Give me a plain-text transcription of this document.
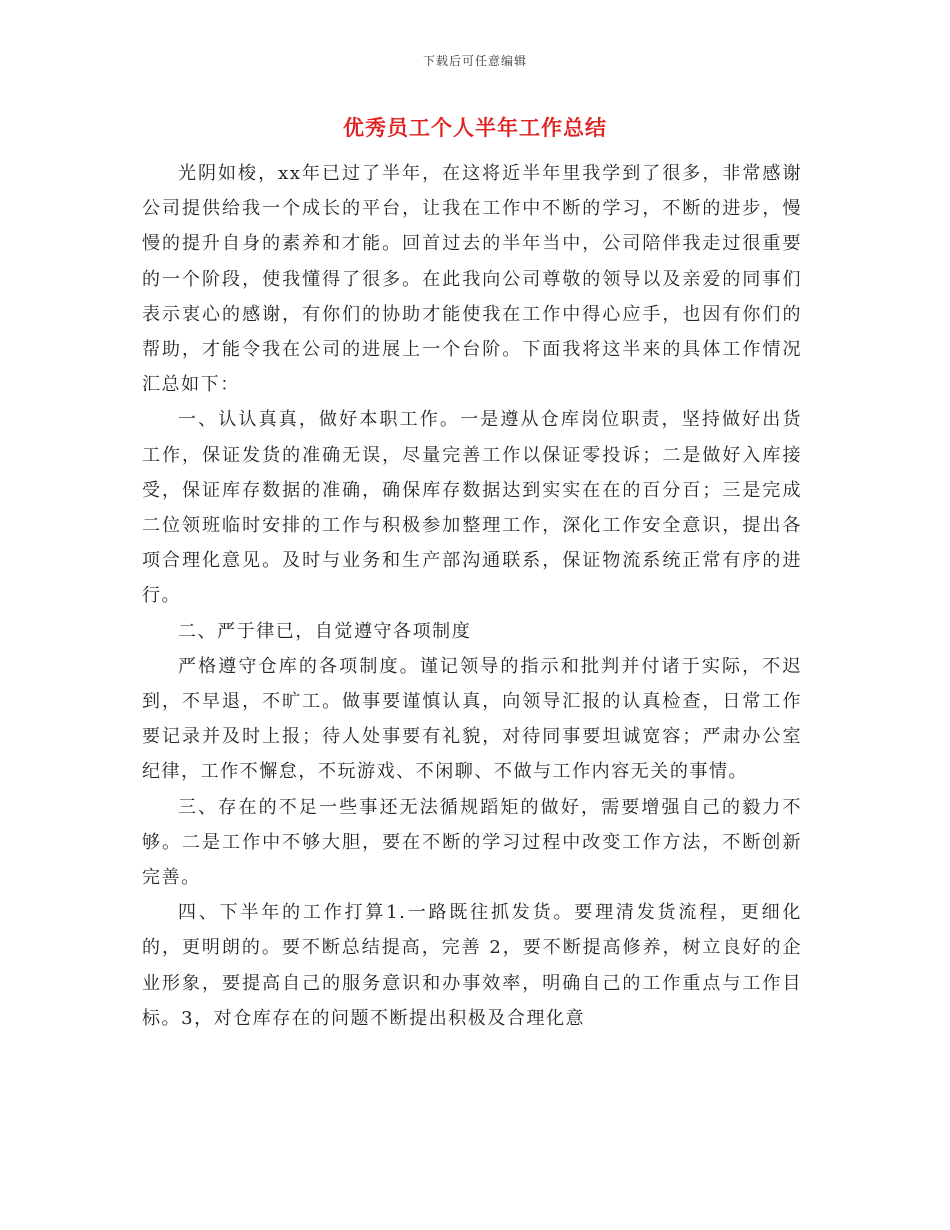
下载后可任意编辑
优秀员工个人半年工作总结

光阴如梭，xx年已过了半年，在这将近半年里我学到了很多，非常感谢公司提供给我一个成长的平台，让我在工作中不断的学习，不断的进步，慢慢的提升自身的素养和才能。回首过去的半年当中，公司陪伴我走过很重要的一个阶段，使我懂得了很多。在此我向公司尊敬的领导以及亲爱的同事们表示衷心的感谢，有你们的协助才能使我在工作中得心应手，也因有你们的帮助，才能令我在公司的进展上一个台阶。下面我将这半来的具体工作情况汇总如下：

一、认认真真，做好本职工作。一是遵从仓库岗位职责，坚持做好出货工作，保证发货的准确无误，尽量完善工作以保证零投诉；二是做好入库接受，保证库存数据的准确，确保库存数据达到实实在在的百分百；三是完成二位领班临时安排的工作与积极参加整理工作，深化工作安全意识，提出各项合理化意见。及时与业务和生产部沟通联系，保证物流系统正常有序的进行。

二、严于律已，自觉遵守各项制度

严格遵守仓库的各项制度。谨记领导的指示和批判并付诸于实际，不迟到，不早退，不旷工。做事要谨慎认真，向领导汇报的认真检查，日常工作要记录并及时上报；待人处事要有礼貌，对待同事要坦诚宽容；严肃办公室纪律，工作不懈怠，不玩游戏、不闲聊、不做与工作内容无关的事情。

三、存在的不足一些事还无法循规蹈矩的做好，需要增强自己的毅力不够。二是工作中不够大胆，要在不断的学习过程中改变工作方法，不断创新完善。

四、下半年的工作打算1.一路既往抓发货。要理清发货流程，更细化的，更明朗的。要不断总结提高，完善 2，要不断提高修养，树立良好的企业形象，要提高自己的服务意识和办事效率，明确自己的工作重点与工作目标。3，对仓库存在的问题不断提出积极及合理化意
